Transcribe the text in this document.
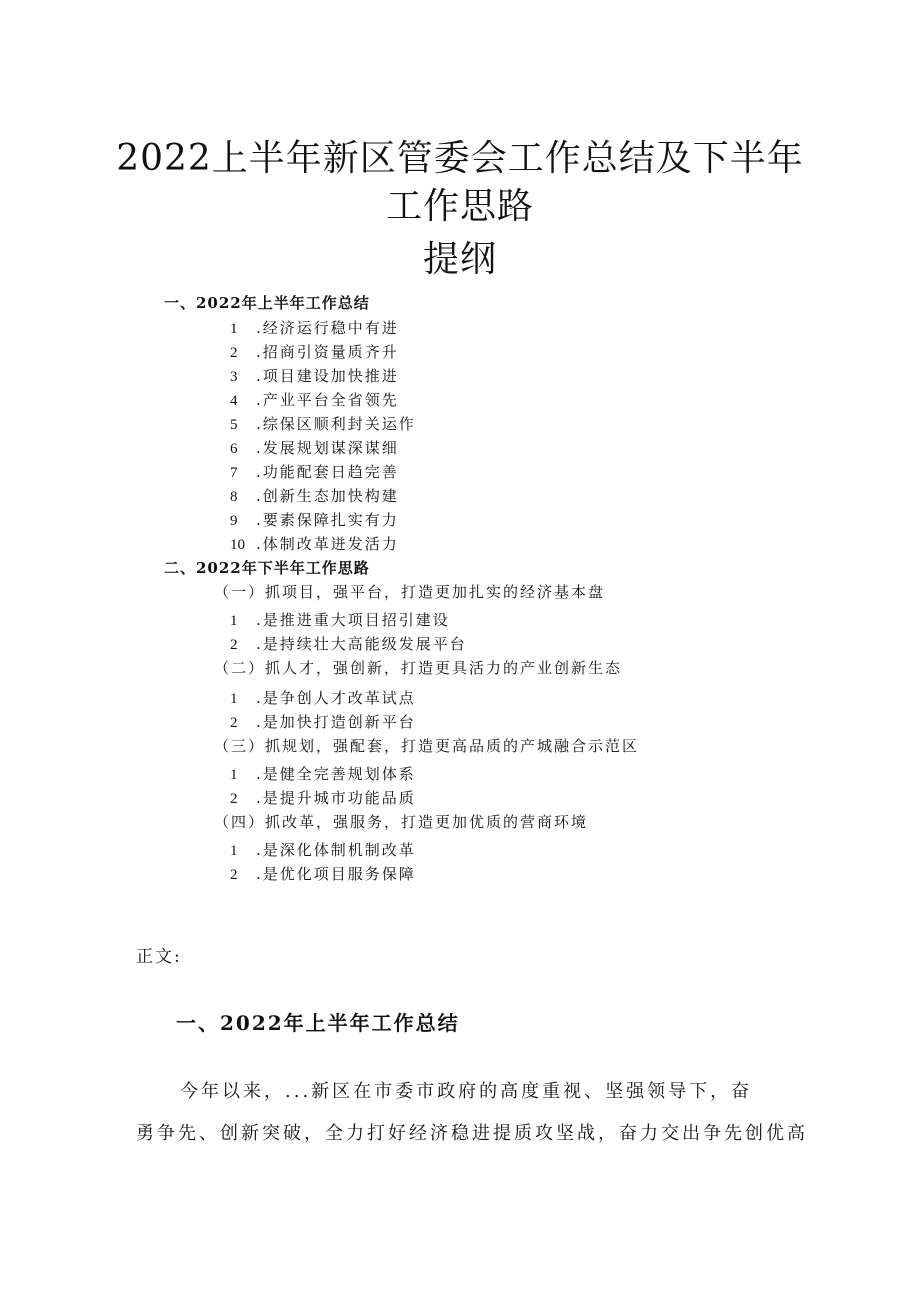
2022上半年新区管委会工作总结及下半年
工作思路
提纲
一、2022年上半年工作总结
1 .经济运行稳中有进
2 .招商引资量质齐升
3 .项目建设加快推进
4 .产业平台全省领先
5 .综保区顺利封关运作
6 .发展规划谋深谋细
7 .功能配套日趋完善
8 .创新生态加快构建
9 .要素保障扎实有力
10 .体制改革迸发活力
二、2022年下半年工作思路
（一）抓项目，强平台，打造更加扎实的经济基本盘
1 .是推进重大项目招引建设
2 .是持续壮大高能级发展平台
（二）抓人才，强创新，打造更具活力的产业创新生态
1 .是争创人才改革试点
2 .是加快打造创新平台
（三）抓规划，强配套，打造更高品质的产城融合示范区
1 .是健全完善规划体系
2 .是提升城市功能品质
（四）抓改革，强服务，打造更加优质的营商环境
1 .是深化体制机制改革
2 .是优化项目服务保障
正文:
一、2022年上半年工作总结
今年以来，...新区在市委市政府的高度重视、坚强领导下，奋
勇争先、创新突破，全力打好经济稳进提质攻坚战，奋力交出争先创优高
